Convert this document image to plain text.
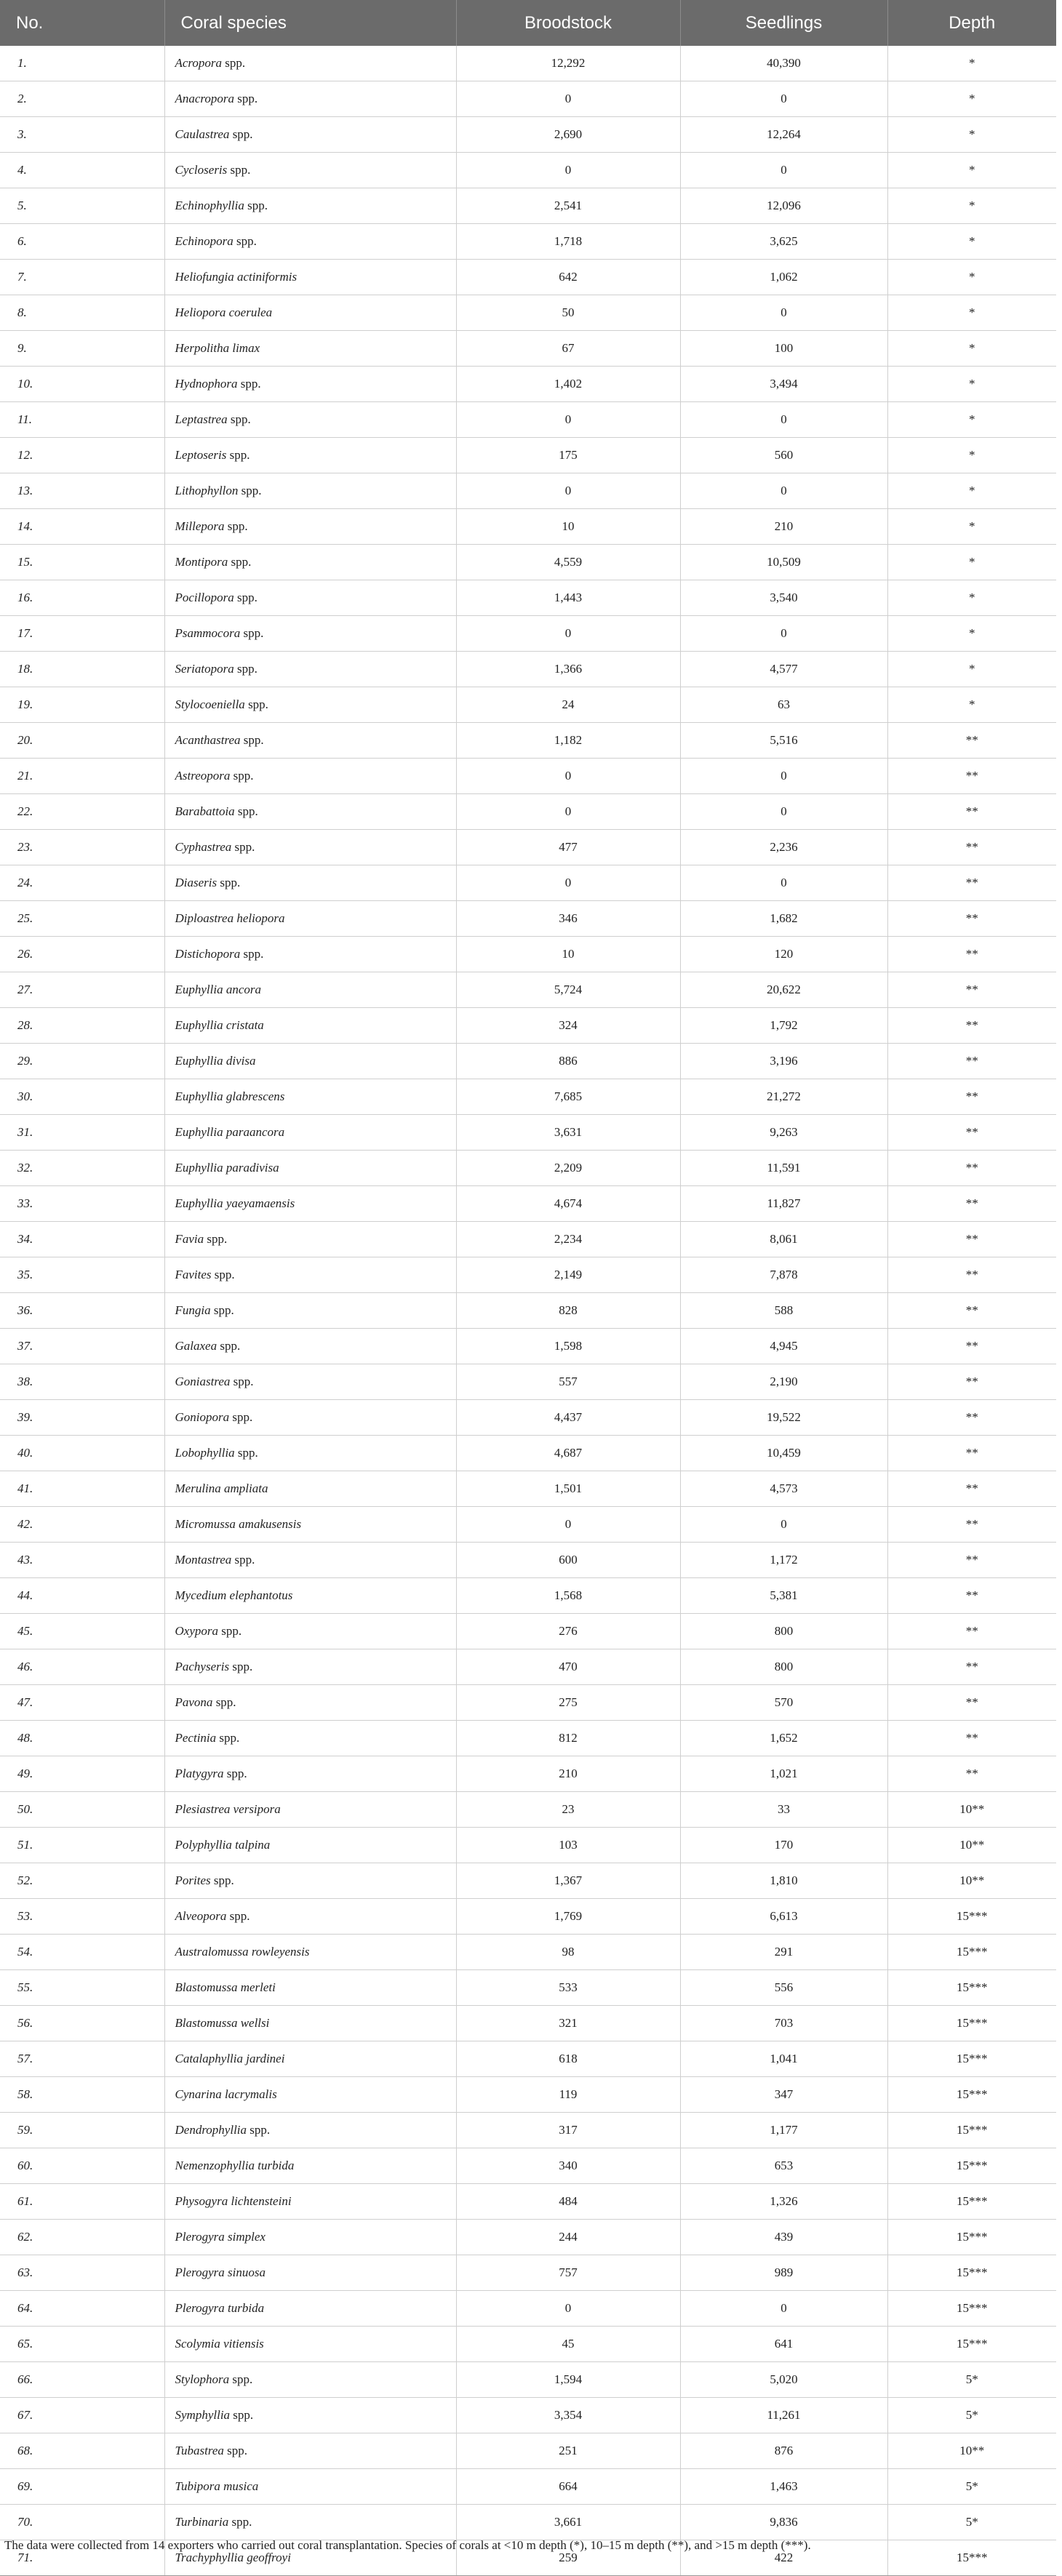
No.	Coral species	Broodstock	Seedlings	Depth
1.	Acropora spp.	12,292	40,390	*
2.	Anacropora spp.	0	0	*
3.	Caulastrea spp.	2,690	12,264	*
4.	Cycloseris spp.	0	0	*
5.	Echinophyllia spp.	2,541	12,096	*
6.	Echinopora spp.	1,718	3,625	*
7.	Heliofungia actiniformis	642	1,062	*
8.	Heliopora coerulea	50	0	*
9.	Herpolitha limax	67	100	*
10.	Hydnophora spp.	1,402	3,494	*
11.	Leptastrea spp.	0	0	*
12.	Leptoseris spp.	175	560	*
13.	Lithophyllon spp.	0	0	*
14.	Millepora spp.	10	210	*
15.	Montipora spp.	4,559	10,509	*
16.	Pocillopora spp.	1,443	3,540	*
17.	Psammocora spp.	0	0	*
18.	Seriatopora spp.	1,366	4,577	*
19.	Stylocoeniella spp.	24	63	*
20.	Acanthastrea spp.	1,182	5,516	**
21.	Astreopora spp.	0	0	**
22.	Barabattoia spp.	0	0	**
23.	Cyphastrea spp.	477	2,236	**
24.	Diaseris spp.	0	0	**
25.	Diploastrea heliopora	346	1,682	**
26.	Distichopora spp.	10	120	**
27.	Euphyllia ancora	5,724	20,622	**
28.	Euphyllia cristata	324	1,792	**
29.	Euphyllia divisa	886	3,196	**
30.	Euphyllia glabrescens	7,685	21,272	**
31.	Euphyllia paraancora	3,631	9,263	**
32.	Euphyllia paradivisa	2,209	11,591	**
33.	Euphyllia yaeyamaensis	4,674	11,827	**
34.	Favia spp.	2,234	8,061	**
35.	Favites spp.	2,149	7,878	**
36.	Fungia spp.	828	588	**
37.	Galaxea spp.	1,598	4,945	**
38.	Goniastrea spp.	557	2,190	**
39.	Goniopora spp.	4,437	19,522	**
40.	Lobophyllia spp.	4,687	10,459	**
41.	Merulina ampliata	1,501	4,573	**
42.	Micromussa amakusensis	0	0	**
43.	Montastrea spp.	600	1,172	**
44.	Mycedium elephantotus	1,568	5,381	**
45.	Oxypora spp.	276	800	**
46.	Pachyseris spp.	470	800	**
47.	Pavona spp.	275	570	**
48.	Pectinia spp.	812	1,652	**
49.	Platygyra spp.	210	1,021	**
50.	Plesiastrea versipora	23	33	10**
51.	Polyphyllia talpina	103	170	10**
52.	Porites spp.	1,367	1,810	10**
53.	Alveopora spp.	1,769	6,613	15***
54.	Australomussa rowleyensis	98	291	15***
55.	Blastomussa merleti	533	556	15***
56.	Blastomussa wellsi	321	703	15***
57.	Catalaphyllia jardinei	618	1,041	15***
58.	Cynarina lacrymalis	119	347	15***
59.	Dendrophyllia spp.	317	1,177	15***
60.	Nemenzophyllia turbida	340	653	15***
61.	Physogyra lichtensteini	484	1,326	15***
62.	Plerogyra simplex	244	439	15***
63.	Plerogyra sinuosa	757	989	15***
64.	Plerogyra turbida	0	0	15***
65.	Scolymia vitiensis	45	641	15***
66.	Stylophora spp.	1,594	5,020	5*
67.	Symphyllia spp.	3,354	11,261	5*
68.	Tubastrea spp.	251	876	10**
69.	Tubipora musica	664	1,463	5*
70.	Turbinaria spp.	3,661	9,836	5*
71.	Trachyphyllia geoffroyi	259	422	15***
The data were collected from 14 exporters who carried out coral transplantation. Species of corals at <10 m depth (*), 10–15 m depth (**), and >15 m depth (***).
